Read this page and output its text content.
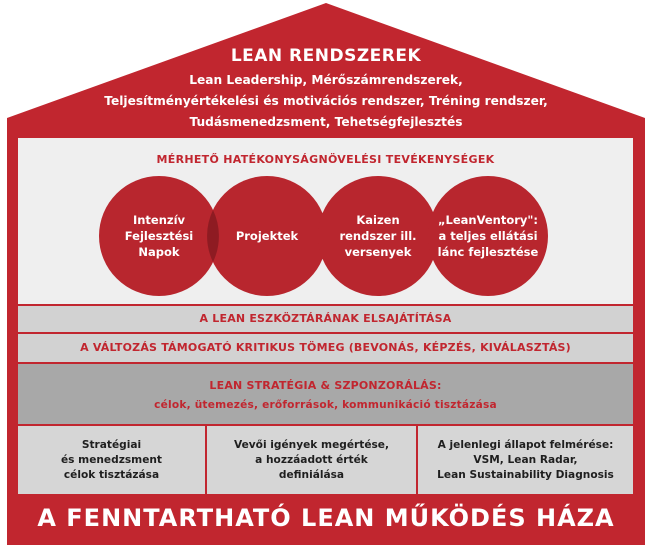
LEAN RENDSZEREK
Lean Leadership, Mérőszámrendszerek,
Teljesítményértékelési és motivációs rendszer, Tréning rendszer,
Tudásmenedzsment, Tehetségfejlesztés
MÉRHETŐ HATÉKONYSÁGNÖVELÉSI TEVÉKENYSÉGEK
Intenzív
Fejlesztési
Napok
Projektek
Kaizen
rendszer ill.
versenyek
„LeanVentory":
a teljes ellátási
lánc fejlesztése
A LEAN ESZKÖZTÁRÁNAK ELSAJÁTÍTÁSA
A VÁLTOZÁS TÁMOGATÓ KRITIKUS TÖMEG (BEVONÁS, KÉPZÉS, KIVÁLASZTÁS)
LEAN STRATÉGIA & SZPONZORÁLÁS:
célok, ütemezés, erőforrások, kommunikáció tisztázása
Stratégiai
és menedzsment
célok tisztázása
Vevői igények megértése,
a hozzáadott érték
definiálása
A jelenlegi állapot felmérése:
VSM, Lean Radar,
Lean Sustainability Diagnosis
A FENNTARTHATÓ LEAN MŰKÖDÉS HÁZA
